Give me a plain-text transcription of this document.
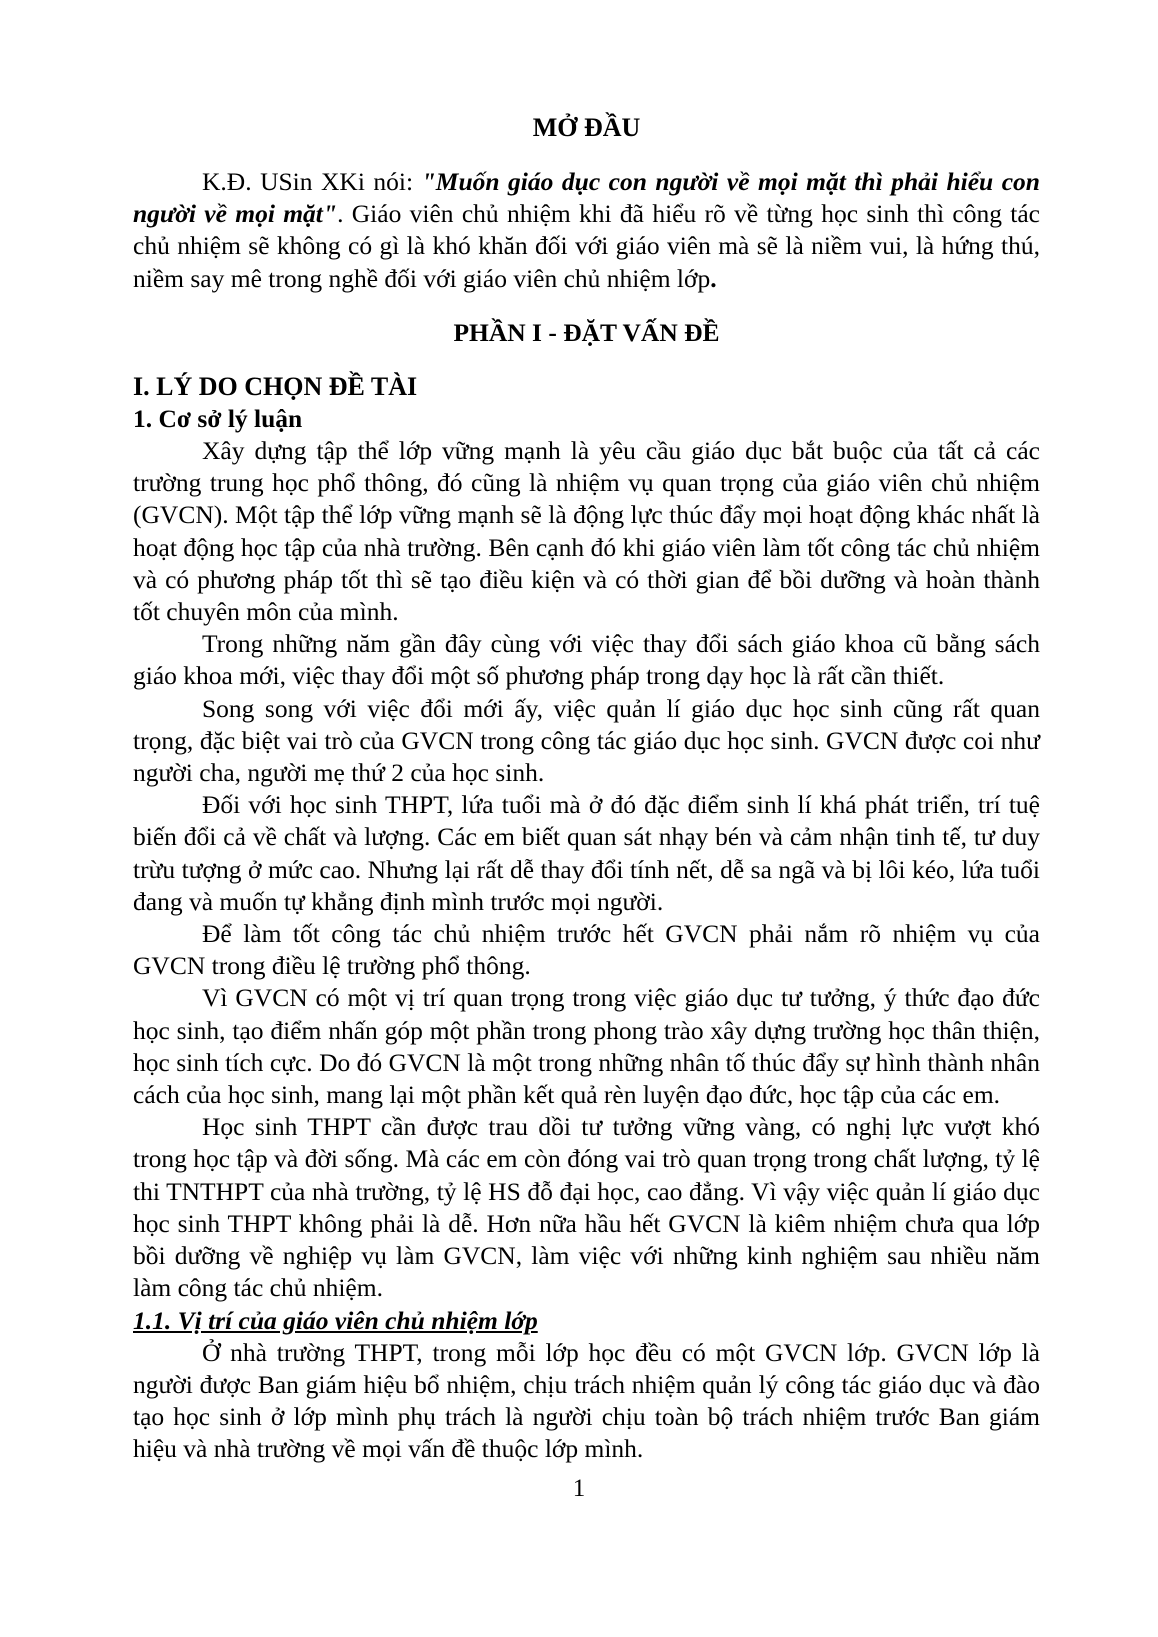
MỞ ĐẦU

K.Đ. USin XKi nói: "Muốn giáo dục con người về mọi mặt thì phải hiểu con người về mọi mặt". Giáo viên chủ nhiệm khi đã hiểu rõ về từng học sinh thì công tác chủ nhiệm sẽ không có gì là khó khăn đối với giáo viên mà sẽ là niềm vui, là hứng thú, niềm say mê trong nghề đối với giáo viên chủ nhiệm lớp.

PHẦN I - ĐẶT VẤN ĐỀ
I. LÝ DO CHỌN ĐỀ TÀI
1. Cơ sở lý luận

Xây dựng tập thể lớp vững mạnh là yêu cầu giáo dục bắt buộc của tất cả các trường trung học phổ thông, đó cũng là nhiệm vụ quan trọng của giáo viên chủ nhiệm (GVCN). Một tập thể lớp vững mạnh sẽ là động lực thúc đẩy mọi hoạt động khác nhất là hoạt động học tập của nhà trường. Bên cạnh đó khi giáo viên làm tốt công tác chủ nhiệm và có phương pháp tốt thì sẽ tạo điều kiện và có thời gian để bồi dưỡng và hoàn thành tốt chuyên môn của mình.

Trong những năm gần đây cùng với việc thay đổi sách giáo khoa cũ bằng sách giáo khoa mới, việc thay đổi một số phương pháp trong dạy học là rất cần thiết.

Song song với việc đổi mới ấy, việc quản lí giáo dục học sinh cũng rất quan trọng, đặc biệt vai trò của GVCN trong công tác giáo dục học sinh. GVCN được coi như người cha, người mẹ thứ 2 của học sinh.

Đối với học sinh THPT, lứa tuổi mà ở đó đặc điểm sinh lí khá phát triển, trí tuệ biến đổi cả về chất và lượng. Các em biết quan sát nhạy bén và cảm nhận tinh tế, tư duy trừu tượng ở mức cao. Nhưng lại rất dễ thay đổi tính nết, dễ sa ngã và bị lôi kéo, lứa tuổi đang và muốn tự khẳng định mình trước mọi người.

Để làm tốt công tác chủ nhiệm trước hết GVCN phải nắm rõ nhiệm vụ của GVCN trong điều lệ trường phổ thông.

Vì GVCN có một vị trí quan trọng trong việc giáo dục tư tưởng, ý thức đạo đức học sinh, tạo điểm nhấn góp một phần trong phong trào xây dựng trường học thân thiện, học sinh tích cực. Do đó GVCN là một trong những nhân tố thúc đẩy sự hình thành nhân cách của học sinh, mang lại một phần kết quả rèn luyện đạo đức, học tập của các em.

Học sinh THPT cần được trau dồi tư tưởng vững vàng, có nghị lực vượt khó trong học tập và đời sống. Mà các em còn đóng vai trò quan trọng trong chất lượng, tỷ lệ thi TNTHPT của nhà trường, tỷ lệ HS đỗ đại học, cao đẳng. Vì vậy việc quản lí giáo dục học sinh THPT không phải là dễ. Hơn nữa hầu hết GVCN là kiêm nhiệm chưa qua lớp bồi dưỡng về nghiệp vụ làm GVCN, làm việc với những kinh nghiệm sau nhiều năm làm công tác chủ nhiệm.

1.1. Vị trí của giáo viên chủ nhiệm lớp

Ở nhà trường THPT, trong mỗi lớp học đều có một GVCN lớp. GVCN lớp là người được Ban giám hiệu bổ nhiệm, chịu trách nhiệm quản lý công tác giáo dục và đào tạo học sinh ở lớp mình phụ trách là người chịu toàn bộ trách nhiệm trước Ban giám hiệu và nhà trường về mọi vấn đề thuộc lớp mình.

1
